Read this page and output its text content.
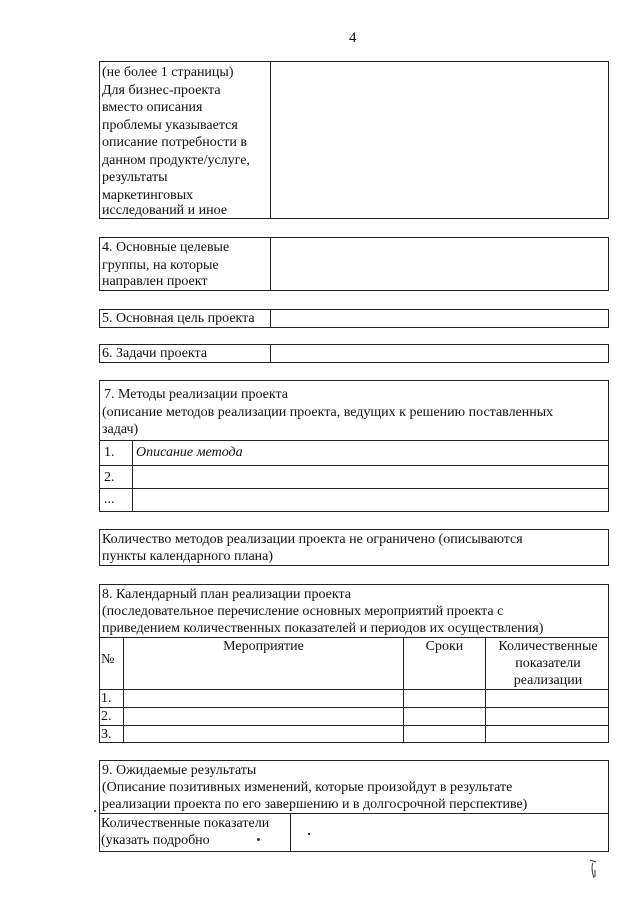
4
(не более 1 страницы)
Для бизнес-проекта
вместо описания
проблемы указывается
описание потребности в
данном продукте/услуге,
результаты
маркетинговых
исследований и иное
4. Основные целевые
группы, на которые
направлен проект
5. Основная цель проекта
6. Задачи проекта
7. Методы реализации проекта
(описание методов реализации проекта, ведущих к решению поставленных
задач)
1. Описание метода
2.
...
Количество методов реализации проекта не ограничено (описываются
пункты календарного плана)
8. Календарный план реализации проекта
(последовательное перечисление основных мероприятий проекта с
приведением количественных показателей и периодов их осуществления)
№
Мероприятие	Сроки	Количественные
показатели
реализации
1.
2.
3.
9. Ожидаемые результаты
(Описание позитивных изменений, которые произойдут в результате
реализации проекта по его завершению и в долгосрочной перспективе)
Количественные показатели
(указать подробно
